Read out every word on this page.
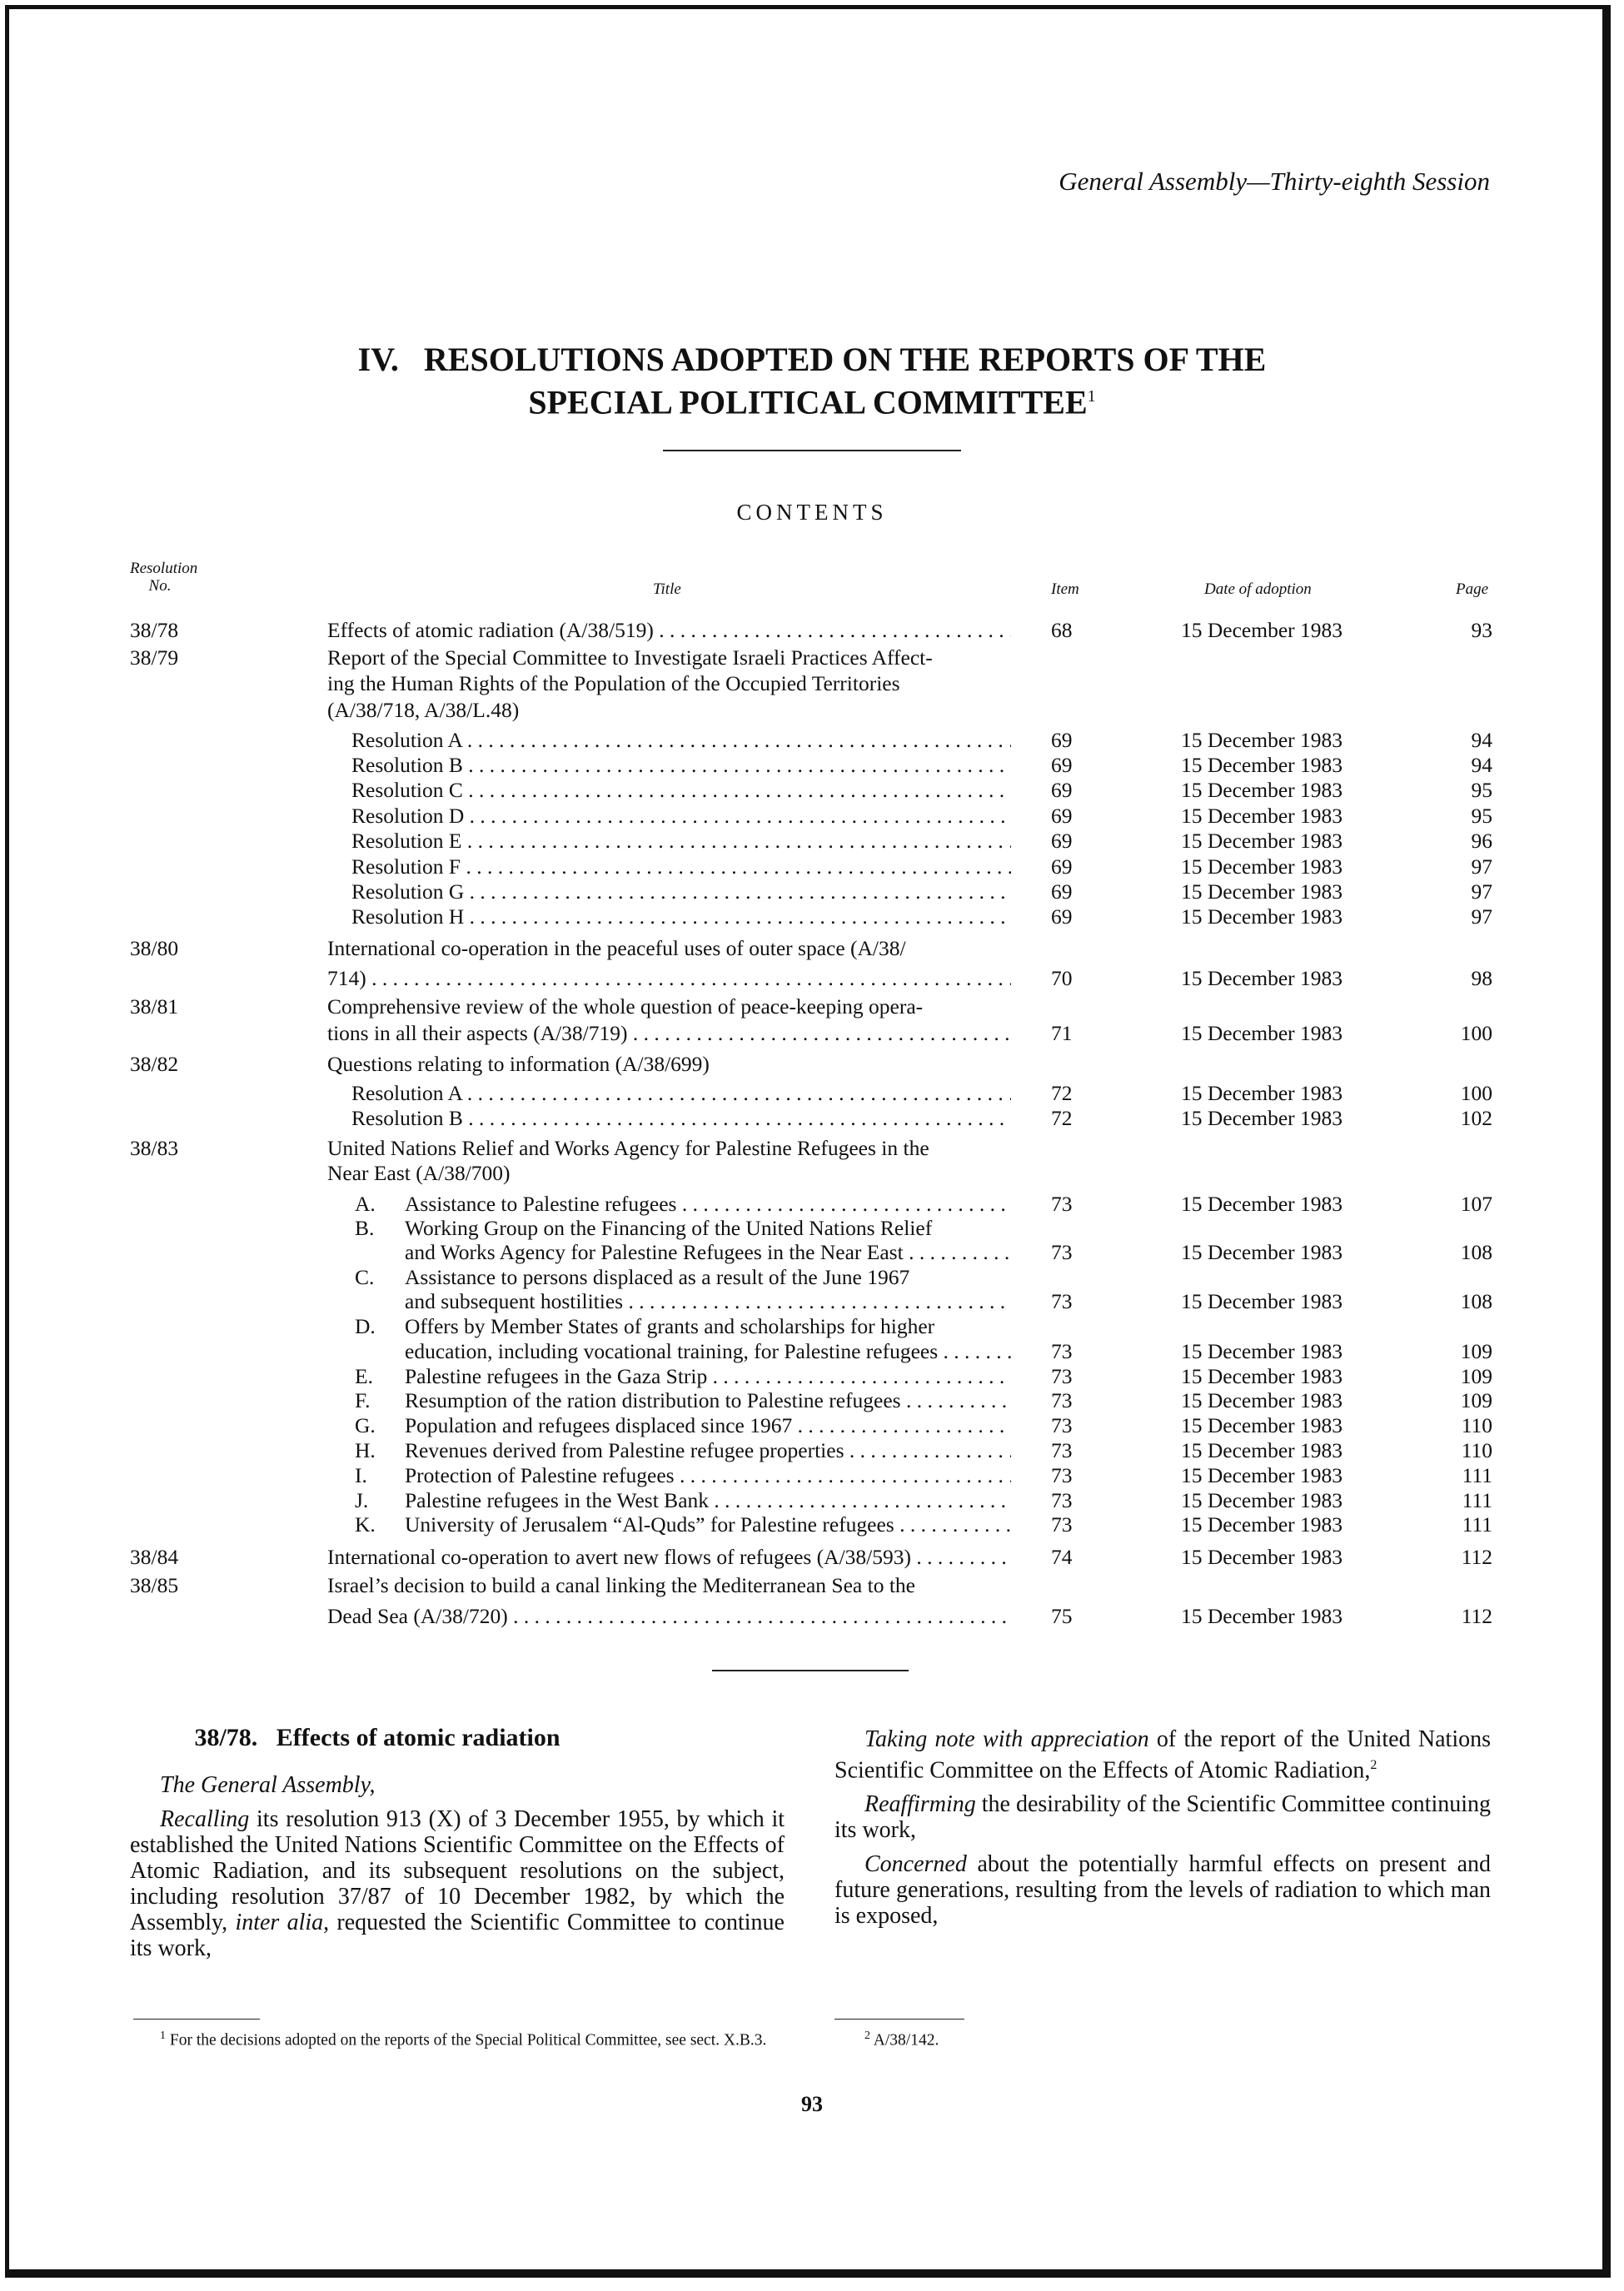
General Assembly—Thirty-eighth Session
IV.   RESOLUTIONS ADOPTED ON THE REPORTS OF THE
SPECIAL POLITICAL COMMITTEE$^1$
CONTENTS
Resolution
No.	Title	Item	Date of adoption	Page
38/78	Effects of atomic radiation (A/38/519) . . .	68	15 December 1983	93
38/79	Report of the Special Committee to Investigate Israeli Practices Affect-
ing the Human Rights of the Population of the Occupied Territories
(A/38/718, A/38/L.48)
Resolution A . . .	69	15 December 1983	94
Resolution B . . .	69	15 December 1983	94
Resolution C . . .	69	15 December 1983	95
Resolution D . . .	69	15 December 1983	95
Resolution E . . .	69	15 December 1983	96
Resolution F . . .	69	15 December 1983	97
Resolution G . . .	69	15 December 1983	97
Resolution H . . .	69	15 December 1983	97
38/80	International co-operation in the peaceful uses of outer space (A/38/
714) . . .	70	15 December 1983	98
38/81	Comprehensive review of the whole question of peace-keeping opera-
tions in all their aspects (A/38/719) . . .	71	15 December 1983	100
38/82	Questions relating to information (A/38/699)
Resolution A . . .	72	15 December 1983	100
Resolution B . . .	72	15 December 1983	102
38/83	United Nations Relief and Works Agency for Palestine Refugees in the
Near East (A/38/700)
A. Assistance to Palestine refugees . . .	73	15 December 1983	107
B. Working Group on the Financing of the United Nations Relief
and Works Agency for Palestine Refugees in the Near East . . .	73	15 December 1983	108
C. Assistance to persons displaced as a result of the June 1967
and subsequent hostilities . . .	73	15 December 1983	108
D. Offers by Member States of grants and scholarships for higher
education, including vocational training, for Palestine refugees . . .	73	15 December 1983	109
E. Palestine refugees in the Gaza Strip . . .	73	15 December 1983	109
F. Resumption of the ration distribution to Palestine refugees . . .	73	15 December 1983	109
G. Population and refugees displaced since 1967 . . .	73	15 December 1983	110
H. Revenues derived from Palestine refugee properties . . .	73	15 December 1983	110
I. Protection of Palestine refugees . . .	73	15 December 1983	111
J. Palestine refugees in the West Bank . . .	73	15 December 1983	111
K. University of Jerusalem “Al-Quds” for Palestine refugees . . .	73	15 December 1983	111
38/84	International co-operation to avert new flows of refugees (A/38/593) . . .	74	15 December 1983	112
38/85	Israel’s decision to build a canal linking the Mediterranean Sea to the
Dead Sea (A/38/720) . . .	75	15 December 1983	112
38/78.   Effects of atomic radiation

The General Assembly,

Recalling its resolution 913 (X) of 3 December 1955, by which it established the United Nations Scientific Committee on the Effects of Atomic Radiation, and its subsequent resolutions on the subject, including resolution 37/87 of 10 December 1982, by which the Assembly, inter alia, requested the Scientific Committee to continue its work,

Taking note with appreciation of the report of the United Nations Scientific Committee on the Effects of Atomic Radiation,$^2$

Reaffirming the desirability of the Scientific Committee continuing its work,

Concerned about the potentially harmful effects on present and future generations, resulting from the levels of radiation to which man is exposed,

$^1$ For the decisions adopted on the reports of the Special Political Committee, see sect. X.B.3.	$^2$ A/38/142.
93
